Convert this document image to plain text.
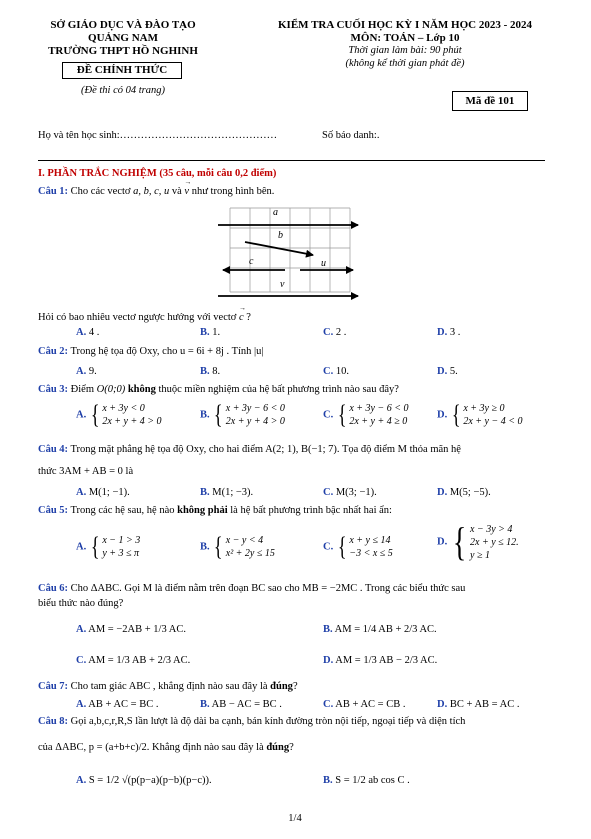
SỞ GIÁO DỤC VÀ ĐÀO TẠO
QUẢNG NAM
TRƯỜNG THPT HỒ NGHINH
ĐỀ CHÍNH THỨC
(Đề thi có 04 trang)
KIỂM TRA CUỐI HỌC KỲ I NĂM HỌC 2023 - 2024
MÔN: TOÁN – Lớp 10
Thời gian làm bài: 90 phút
(không kể thời gian phát đề)
Mã đề 101
Họ và tên học sinh:………………………………………	Số báo danh:.
I. PHẦN TRẮC NGHIỆM (35 câu, mỗi câu 0,2 điểm)
Câu 1: Cho các vectơ a, b, c, u và → v như trong hình bên.
a
b
c	u
v
Hỏi có bao nhiêu vectơ ngược hướng với vectơ → c ?
A. 4 .	B. 1.	C. 2 .	D. 3 .
Câu 2: Trong hệ tọa độ Oxy, cho u = 6i + 8j . Tính |u|
A. 9.	B. 8.	C. 10.	D. 5.
Câu 3: Điểm O(0;0) không thuộc miền nghiệm của hệ bất phương trình nào sau đây?
A. { x + 3y < 0
2x + y + 4 > 0
B. { x + 3y − 6 < 0
2x + y + 4 > 0
C. { x + 3y − 6 < 0
2x + y + 4 ≥ 0
D. { x + 3y ≥ 0
2x + y − 4 < 0
Câu 4: Trong mặt phẳng hệ tọa độ Oxy, cho hai điểm A(2; 1), B(−1; 7). Tọa độ điểm M thỏa mãn hệ
thức 3AM + AB = 0 là
A. M(1; −1).	B. M(1; −3).	C. M(3; −1).	D. M(5; −5).
Câu 5: Trong các hệ sau, hệ nào không phải là hệ bất phương trình bậc nhất hai ẩn:
A. { x − 1 > 3
y + 3 ≤ π
B. { x − y < 4
x² + 2y ≤ 15
C. { x + y ≤ 14
−3 < x ≤ 5
D. { x − 3y > 4
2x + y ≤ 12.
y ≥ 1
Câu 6: Cho ΔABC. Gọi M là điểm nằm trên đoạn BC sao cho MB = −2MC . Trong các biểu thức sau
biểu thức nào đúng?
A. AM = −2AB + 1/3 AC.	B. AM = 1/4 AB + 2/3 AC.
C. AM = 1/3 AB + 2/3 AC.	D. AM = 1/3 AB − 2/3 AC.
Câu 7: Cho tam giác ABC , khẳng định nào sau đây là đúng?
A. AB + AC = BC .	B. AB − AC = BC .	C. AB + AC = CB .	D. BC + AB = AC .
Câu 8: Gọi a,b,c,r,R,S lần lượt là độ dài ba cạnh, bán kính đường tròn nội tiếp, ngoại tiếp và diện tích
của ΔABC, p = (a+b+c)/2. Khẳng định nào sau đây là đúng?
A. S = 1/2 √(p(p−a)(p−b)(p−c)).	B. S = 1/2 ab cos C .
1/4
